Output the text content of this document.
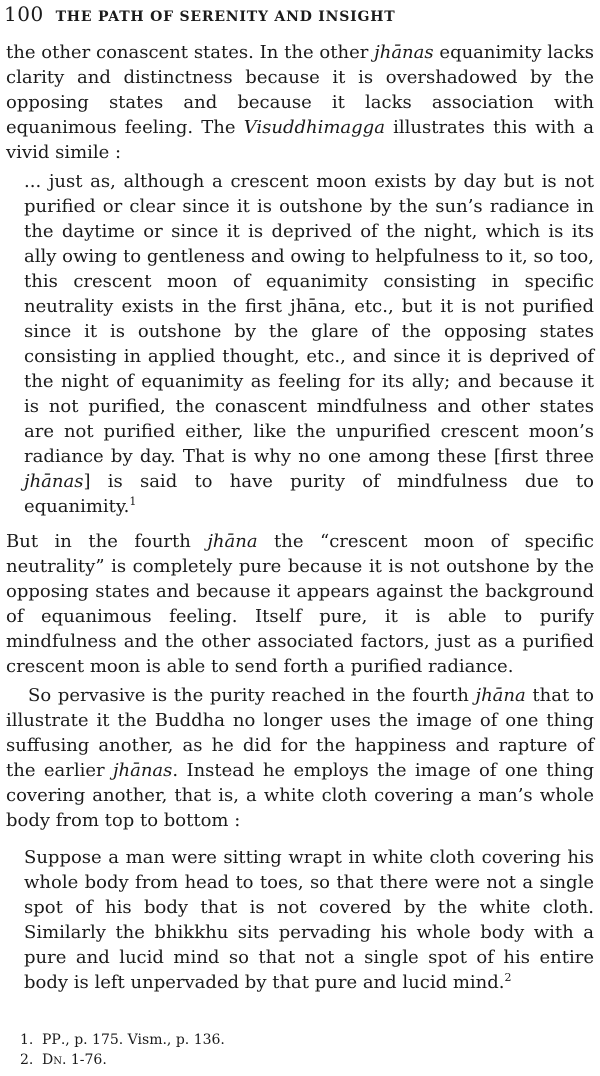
100 THE PATH OF SERENITY AND INSIGHT

the other conascent states. In the other jhānas equanimity lacks clarity and distinctness because it is overshadowed by the opposing states and because it lacks association with equanimous feeling. The Visuddhimagga illustrates this with a vivid simile :

... just as, although a crescent moon exists by day but is not purified or clear since it is outshone by the sun’s radiance in the daytime or since it is deprived of the night, which is its ally owing to gentleness and owing to helpfulness to it, so too, this crescent moon of equanimity consisting in specific neutrality exists in the first jhāna, etc., but it is not purified since it is outshone by the glare of the opposing states consisting in applied thought, etc., and since it is deprived of the night of equanimity as feeling for its ally; and because it is not purified, the conascent mindfulness and other states are not purified either, like the unpurified crescent moon’s radiance by day. That is why no one among these [first three jhānas] is said to have purity of mindfulness due to equanimity.$^1$

But in the fourth jhāna the “crescent moon of specific neutrality” is completely pure because it is not outshone by the opposing states and because it appears against the background of equanimous feeling. Itself pure, it is able to purify mindfulness and the other associated factors, just as a purified crescent moon is able to send forth a purified radiance.

So pervasive is the purity reached in the fourth jhāna that to illustrate it the Buddha no longer uses the image of one thing suffusing another, as he did for the happiness and rapture of the earlier jhānas. Instead he employs the image of one thing covering another, that is, a white cloth covering a man’s whole body from top to bottom :

Suppose a man were sitting wrapt in white cloth covering his whole body from head to toes, so that there were not a single spot of his body that is not covered by the white cloth. Similarly the bhikkhu sits pervading his whole body with a pure and lucid mind so that not a single spot of his entire body is left unpervaded by that pure and lucid mind.$^2$

1. PP., p. 175. Vism., p. 136.

2. Dn. 1-76.
